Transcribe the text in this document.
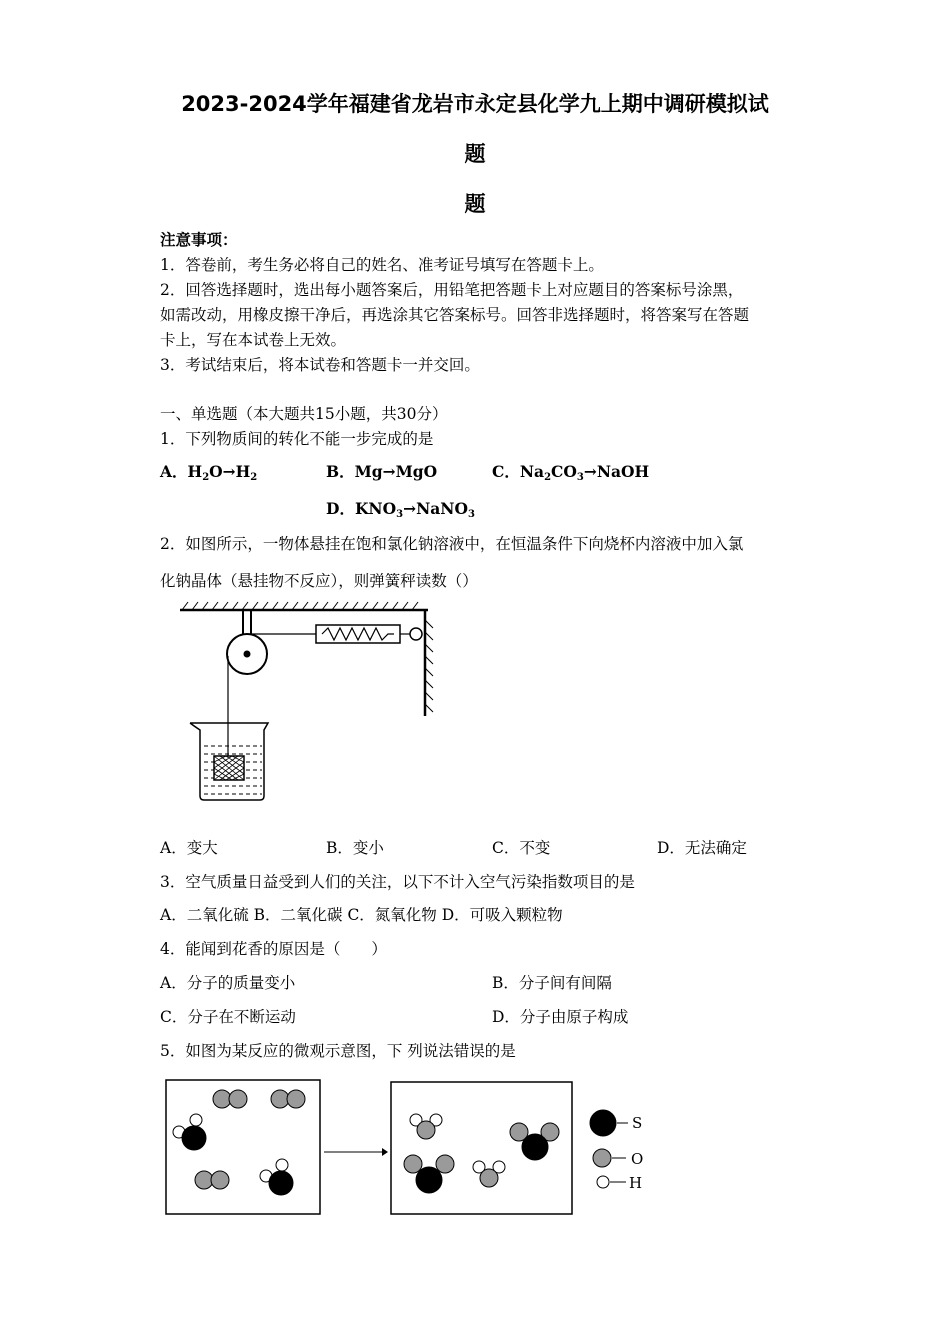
2023-2024学年福建省龙岩市永定县化学九上期中调研模拟试
题
题
注意事项：
1．答卷前，考生务必将自己的姓名、准考证号填写在答题卡上。
2．回答选择题时，选出每小题答案后，用铅笔把答题卡上对应题目的答案标号涂黑，
如需改动，用橡皮擦干净后，再选涂其它答案标号。回答非选择题时，将答案写在答题
卡上，写在本试卷上无效。
3．考试结束后，将本试卷和答题卡一并交回。
一、单选题（本大题共15小题，共30分）
1．下列物质间的转化不能一步完成的是
A．$H_2O\to H_2$	B．Mg→MgO	C．$Na_2CO_3\to NaOH$
D．$KNO_3\to NaNO_3$
2．如图所示，一物体悬挂在饱和氯化钠溶液中，在恒温条件下向烧杯内溶液中加入氯
化钠晶体（悬挂物不反应），则弹簧秤读数（）
A．变大	B．变小	C．不变	D．无法确定
3．空气质量日益受到人们的关注，以下不计入空气污染指数项目的是
A．二氧化硫 B．二氧化碳 C．氮氧化物 D．可吸入颗粒物
4．能闻到花香的原因是（　　）
A．分子的质量变小	B．分子间有间隔
C．分子在不断运动	D．分子由原子构成
5．如图为某反应的微观示意图，下 列说法错误的是
S
O
H
